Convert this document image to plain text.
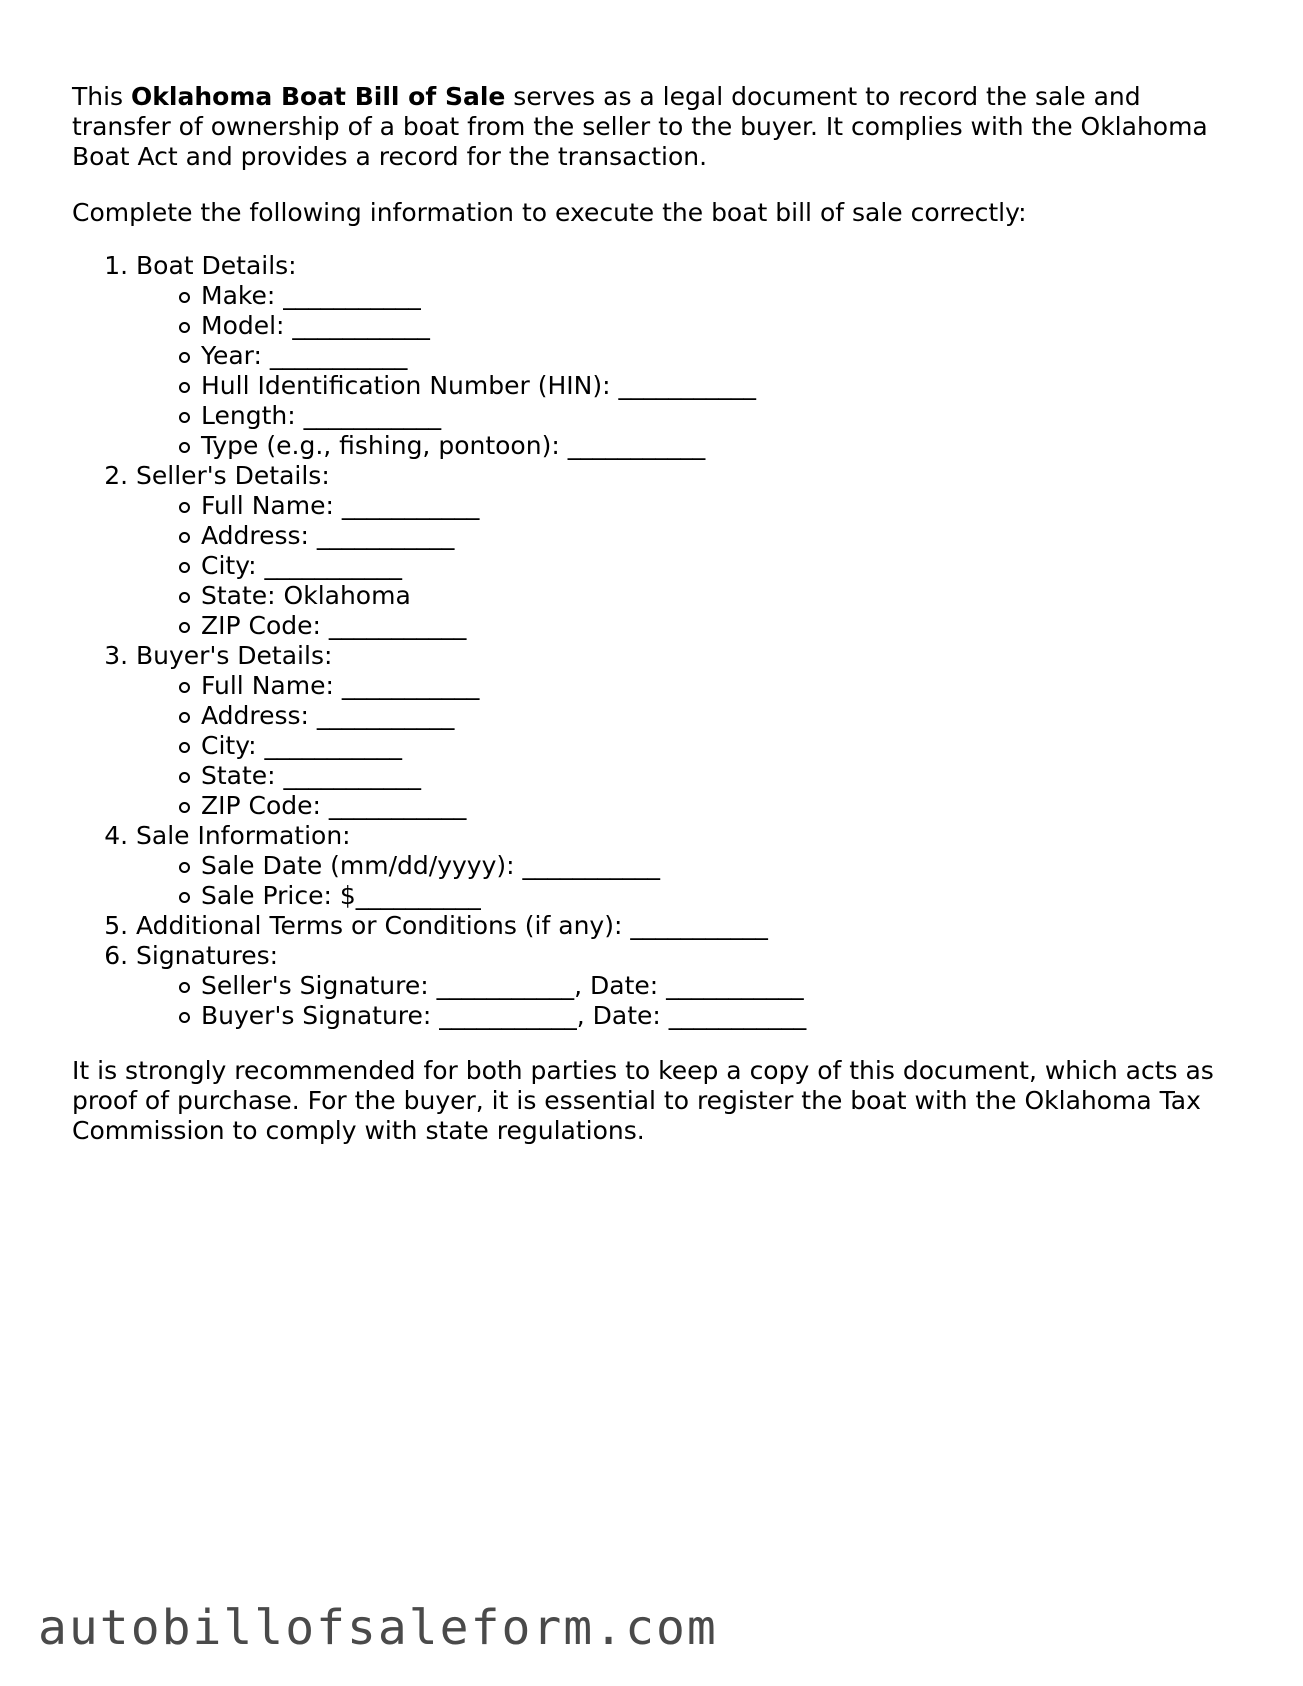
This Oklahoma Boat Bill of Sale serves as a legal document to record the sale and transfer of ownership of a boat from the seller to the buyer. It complies with the Oklahoma Boat Act and provides a record for the transaction.

Complete the following information to execute the boat bill of sale correctly:

1. Boat Details:
Make: ___________
Model: ___________
Year: ___________
Hull Identification Number (HIN): ___________
Length: ___________
Type (e.g., fishing, pontoon): ___________
2. Seller's Details:
Full Name: ___________
Address: ___________
City: ___________
State: Oklahoma
ZIP Code: ___________
3. Buyer's Details:
Full Name: ___________
Address: ___________
City: ___________
State: ___________
ZIP Code: ___________
4. Sale Information:
Sale Date (mm/dd/yyyy): ___________
Sale Price: $__________
5. Additional Terms or Conditions (if any): ___________
6. Signatures:
Seller's Signature: ___________, Date: ___________
Buyer's Signature: ___________, Date: ___________

It is strongly recommended for both parties to keep a copy of this document, which acts as proof of purchase. For the buyer, it is essential to register the boat with the Oklahoma Tax Commission to comply with state regulations.

autobillofsaleform.com
